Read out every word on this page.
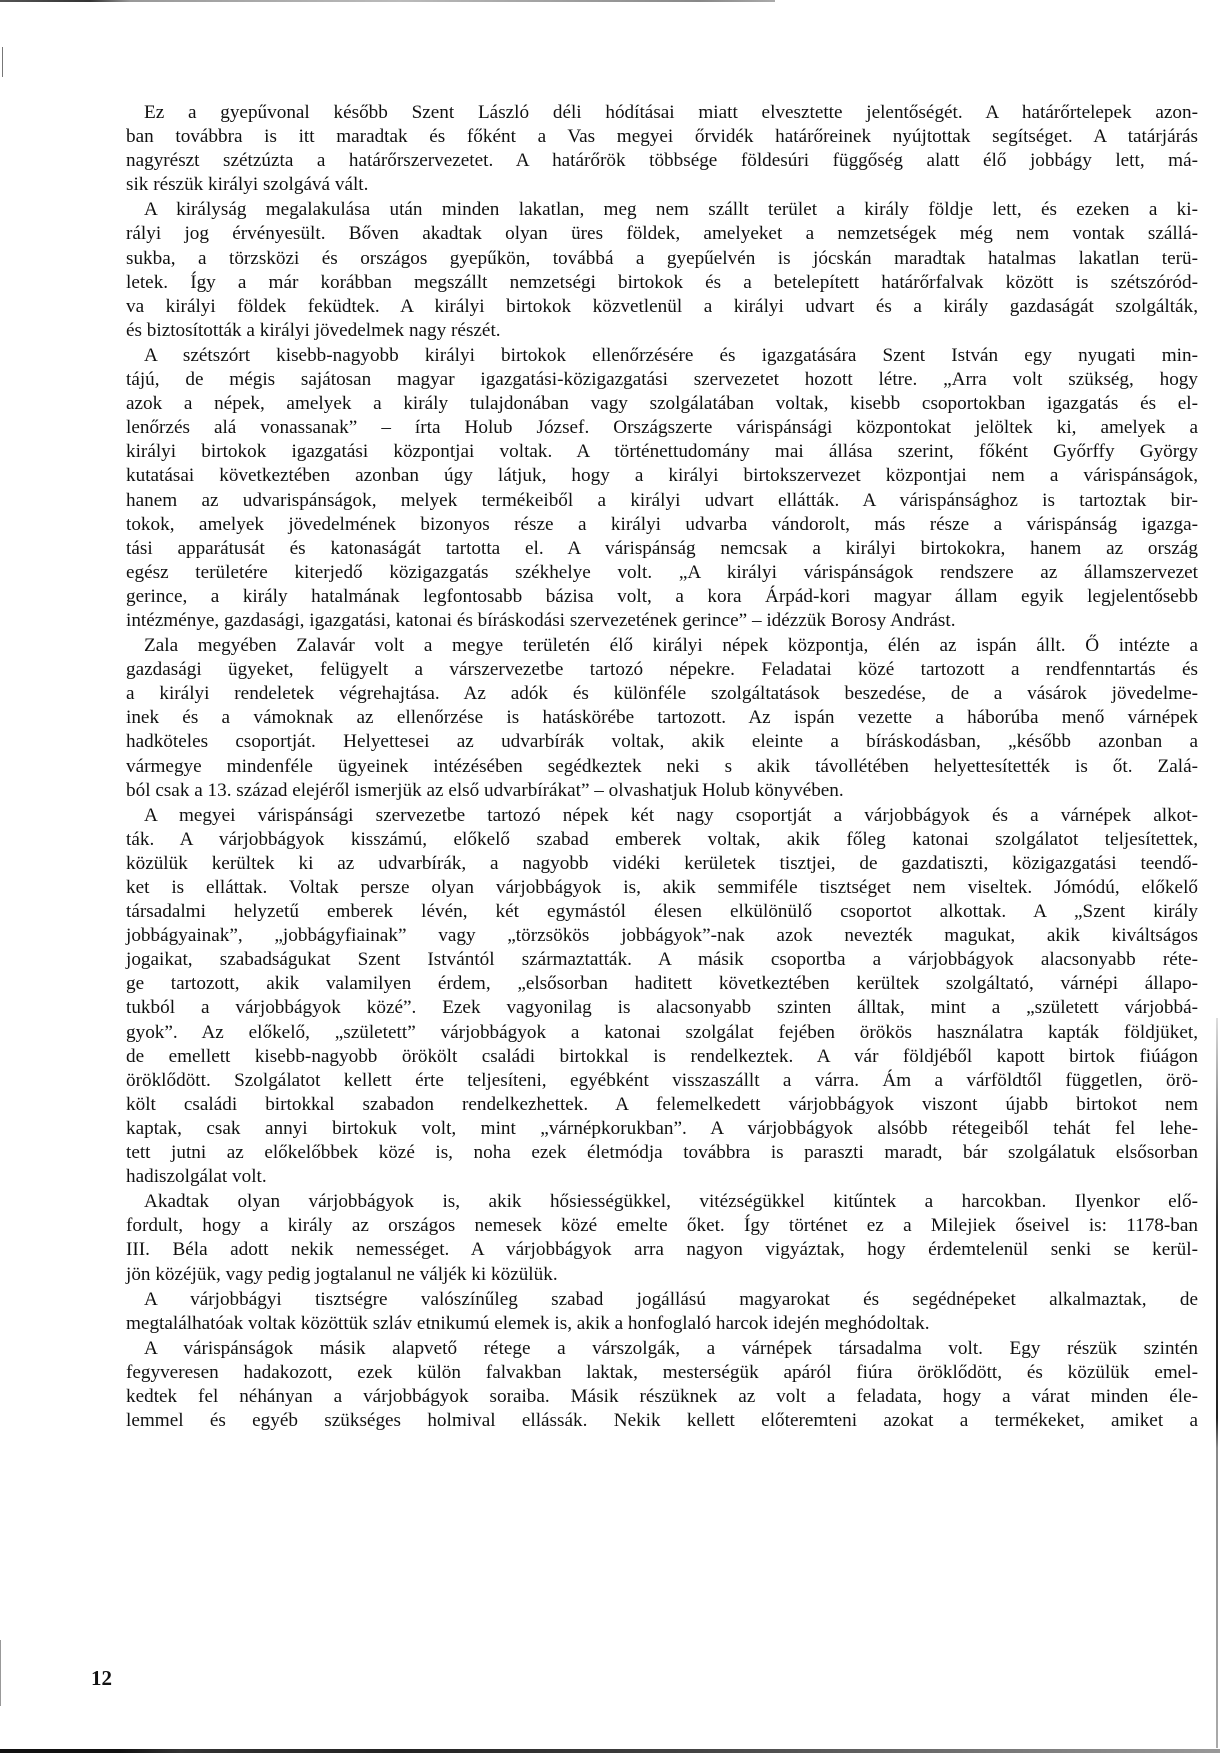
Ez a gyepűvonal később Szent László déli hódításai miatt elvesztette jelentőségét. A határőrtelepek azon-
ban továbbra is itt maradtak és főként a Vas megyei őrvidék határőreinek nyújtottak segítséget. A tatárjárás
nagyrészt szétzúzta a határőrszervezetet. A határőrök többsége földesúri függőség alatt élő jobbágy lett, má-
sik részük királyi szolgává vált.
A királyság megalakulása után minden lakatlan, meg nem szállt terület a király földje lett, és ezeken a ki-
rályi jog érvényesült. Bőven akadtak olyan üres földek, amelyeket a nemzetségek még nem vontak szállá-
sukba, a törzsközi és országos gyepűkön, továbbá a gyepűelvén is jócskán maradtak hatalmas lakatlan terü-
letek. Így a már korábban megszállt nemzetségi birtokok és a betelepített határőrfalvak között is szétszóród-
va királyi földek feküdtek. A királyi birtokok közvetlenül a királyi udvart és a király gazdaságát szolgálták,
és biztosították a királyi jövedelmek nagy részét.
A szétszórt kisebb-nagyobb királyi birtokok ellenőrzésére és igazgatására Szent István egy nyugati min-
tájú, de mégis sajátosan magyar igazgatási-közigazgatási szervezetet hozott létre. „Arra volt szükség, hogy
azok a népek, amelyek a király tulajdonában vagy szolgálatában voltak, kisebb csoportokban igazgatás és el-
lenőrzés alá vonassanak” – írta Holub József. Országszerte várispánsági központokat jelöltek ki, amelyek a
királyi birtokok igazgatási központjai voltak. A történettudomány mai állása szerint, főként Győrffy György
kutatásai következtében azonban úgy látjuk, hogy a királyi birtokszervezet központjai nem a várispánságok,
hanem az udvarispánságok, melyek termékeiből a királyi udvart ellátták. A várispánsághoz is tartoztak bir-
tokok, amelyek jövedelmének bizonyos része a királyi udvarba vándorolt, más része a várispánság igazga-
tási apparátusát és katonaságát tartotta el. A várispánság nemcsak a királyi birtokokra, hanem az ország
egész területére kiterjedő közigazgatás székhelye volt. „A királyi várispánságok rendszere az államszervezet
gerince, a király hatalmának legfontosabb bázisa volt, a kora Árpád-kori magyar állam egyik legjelentősebb
intézménye, gazdasági, igazgatási, katonai és bíráskodási szervezetének gerince” – idézzük Borosy Andrást.
Zala megyében Zalavár volt a megye területén élő királyi népek központja, élén az ispán állt. Ő intézte a
gazdasági ügyeket, felügyelt a várszervezetbe tartozó népekre. Feladatai közé tartozott a rendfenntartás és
a királyi rendeletek végrehajtása. Az adók és különféle szolgáltatások beszedése, de a vásárok jövedelme-
inek és a vámoknak az ellenőrzése is hatáskörébe tartozott. Az ispán vezette a háborúba menő várnépek
hadköteles csoportját. Helyettesei az udvarbírák voltak, akik eleinte a bíráskodásban, „később azonban a
vármegye mindenféle ügyeinek intézésében segédkeztek neki s akik távollétében helyettesítették is őt. Zalá-
ból csak a 13. század elejéről ismerjük az első udvarbírákat” – olvashatjuk Holub könyvében.
A megyei várispánsági szervezetbe tartozó népek két nagy csoportját a várjobbágyok és a várnépek alkot-
ták. A várjobbágyok kisszámú, előkelő szabad emberek voltak, akik főleg katonai szolgálatot teljesítettek,
közülük kerültek ki az udvarbírák, a nagyobb vidéki kerületek tisztjei, de gazdatiszti, közigazgatási teendő-
ket is elláttak. Voltak persze olyan várjobbágyok is, akik semmiféle tisztséget nem viseltek. Jómódú, előkelő
társadalmi helyzetű emberek lévén, két egymástól élesen elkülönülő csoportot alkottak. A „Szent király
jobbágyainak”, „jobbágyfiainak” vagy „törzsökös jobbágyok”-nak azok nevezték magukat, akik kiváltságos
jogaikat, szabadságukat Szent Istvántól származtatták. A másik csoportba a várjobbágyok alacsonyabb réte-
ge tartozott, akik valamilyen érdem, „elsősorban haditett következtében kerültek szolgáltató, várnépi állapo-
tukból a várjobbágyok közé”. Ezek vagyonilag is alacsonyabb szinten álltak, mint a „született várjobbá-
gyok”. Az előkelő, „született” várjobbágyok a katonai szolgálat fejében örökös használatra kapták földjüket,
de emellett kisebb-nagyobb örökölt családi birtokkal is rendelkeztek. A vár földjéből kapott birtok fiúágon
öröklődött. Szolgálatot kellett érte teljesíteni, egyébként visszaszállt a várra. Ám a várföldtől független, örö-
költ családi birtokkal szabadon rendelkezhettek. A felemelkedett várjobbágyok viszont újabb birtokot nem
kaptak, csak annyi birtokuk volt, mint „várnépkorukban”. A várjobbágyok alsóbb rétegeiből tehát fel lehe-
tett jutni az előkelőbbek közé is, noha ezek életmódja továbbra is paraszti maradt, bár szolgálatuk elsősorban
hadiszolgálat volt.
Akadtak olyan várjobbágyok is, akik hősiességükkel, vitézségükkel kitűntek a harcokban. Ilyenkor elő-
fordult, hogy a király az országos nemesek közé emelte őket. Így történet ez a Milejiek őseivel is: 1178-ban
III. Béla adott nekik nemességet. A várjobbágyok arra nagyon vigyáztak, hogy érdemtelenül senki se kerül-
jön közéjük, vagy pedig jogtalanul ne váljék ki közülük.
A várjobbágyi tisztségre valószínűleg szabad jogállású magyarokat és segédnépeket alkalmaztak, de
megtalálhatóak voltak közöttük szláv etnikumú elemek is, akik a honfoglaló harcok idején meghódoltak.
A várispánságok másik alapvető rétege a várszolgák, a várnépek társadalma volt. Egy részük szintén
fegyveresen hadakozott, ezek külön falvakban laktak, mesterségük apáról fiúra öröklődött, és közülük emel-
kedtek fel néhányan a várjobbágyok soraiba. Másik részüknek az volt a feladata, hogy a várat minden éle-
lemmel és egyéb szükséges holmival ellássák. Nekik kellett előteremteni azokat a termékeket, amiket a
12
